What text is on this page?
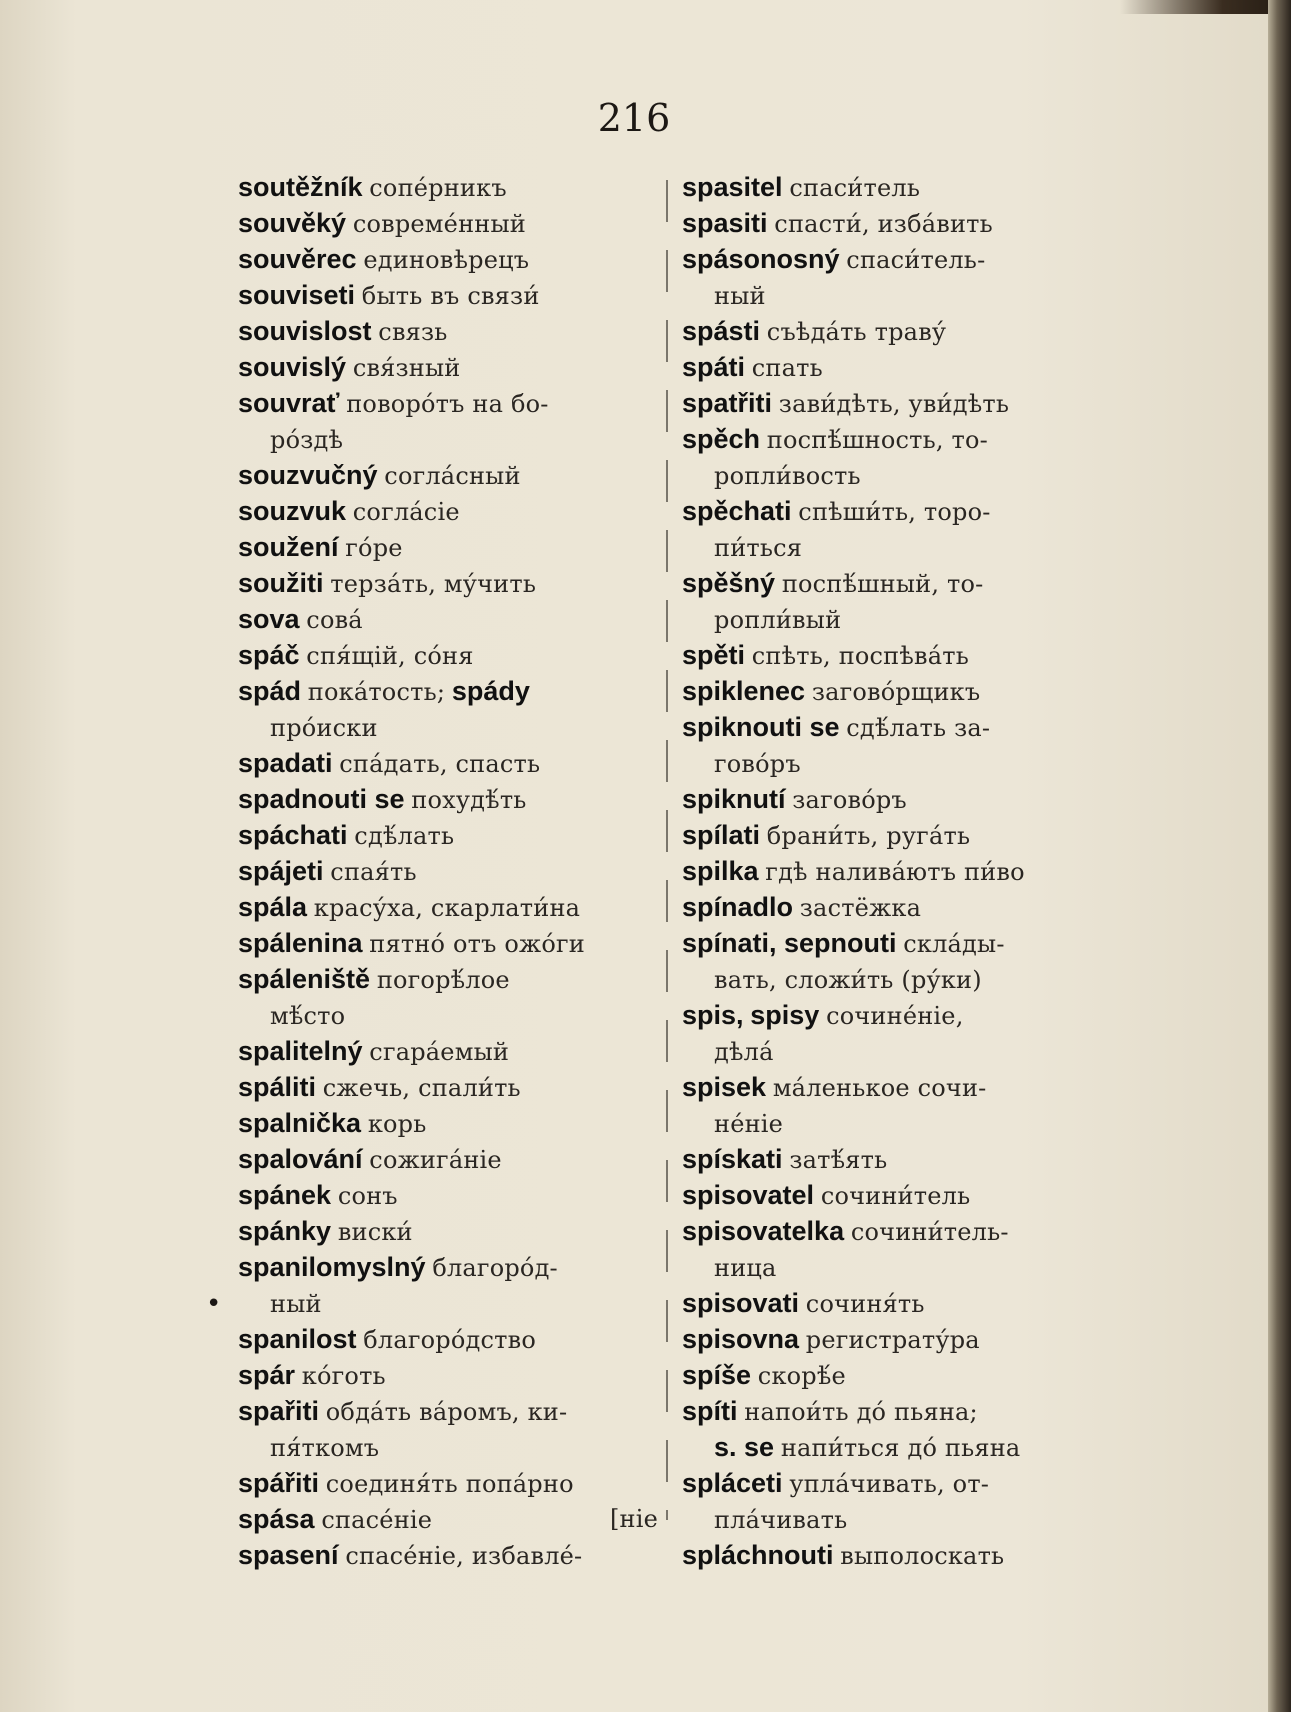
216
•
soutěžník сопе́рникъ
souvěký совреме́нный
souvěrec единовѣрецъ
souviseti быть въ связи́
souvislost связь
souvislý свя́зный
souvrať поворо́тъ на бо-
ро́здѣ
souzvučný согла́сный
souzvuk согла́сіе
soužení го́ре
soužiti терза́ть, му́чить
sova сова́
spáč спя́щій, со́ня
spád пока́тость; spády
про́иски
spadati спа́дать, спасть
spadnouti se похудѣ́ть
spáchati сдѣ́лать
spájeti спая́ть
spála красу́ха, скарлати́на
spálenina пятно́ отъ ожо́ги
spáleniště погорѣ́лое
мѣ́сто
spalitelný сгара́емый
spáliti сжечь, спали́ть
spalnička корь
spalování сожига́ніе
spánek сонъ
spánky виски́
spanilomyslný благоро́д-
ный
spanilost благоро́дство
spár ко́готь
spařiti обда́ть ва́ромъ, ки-
пя́ткомъ
spářiti соединя́ть попа́рно
spása спасе́ніе	[ніе
spasení спасе́ніе, избавле́-
spasitel спаси́тель
spasiti спасти́, изба́вить
spásonosný спаси́тель-
ный
spásti съѣда́ть траву́
spáti спать
spatřiti зави́дѣть, уви́дѣть
spěch поспѣ́шность, то-
ропли́вость
spěchati спѣши́ть, торо-
пи́ться
spěšný поспѣ́шный, то-
ропли́вый
spěti спѣть, поспѣва́ть
spiklenec загово́рщикъ
spiknouti se сдѣ́лать за-
гово́ръ
spiknutí загово́ръ
spílati брани́ть, руга́ть
spilka гдѣ налива́ютъ пи́во
spínadlo застёжка
spínati, sepnouti скла́ды-
вать, сложи́ть (ру́ки)
spis, spisy сочине́ніе,
дѣла́
spisek ма́ленькое сочи-
не́ніе
spískati затѣ́ять
spisovatel сочини́тель
spisovatelka сочини́тель-
ница
spisovati сочиня́ть
spisovna регистрату́ра
spíše скорѣ́е
spíti напои́ть до́ пьяна;
s. se напи́ться до́ пьяна
spláceti упла́чивать, от-
пла́чивать
spláchnouti выполоскать
